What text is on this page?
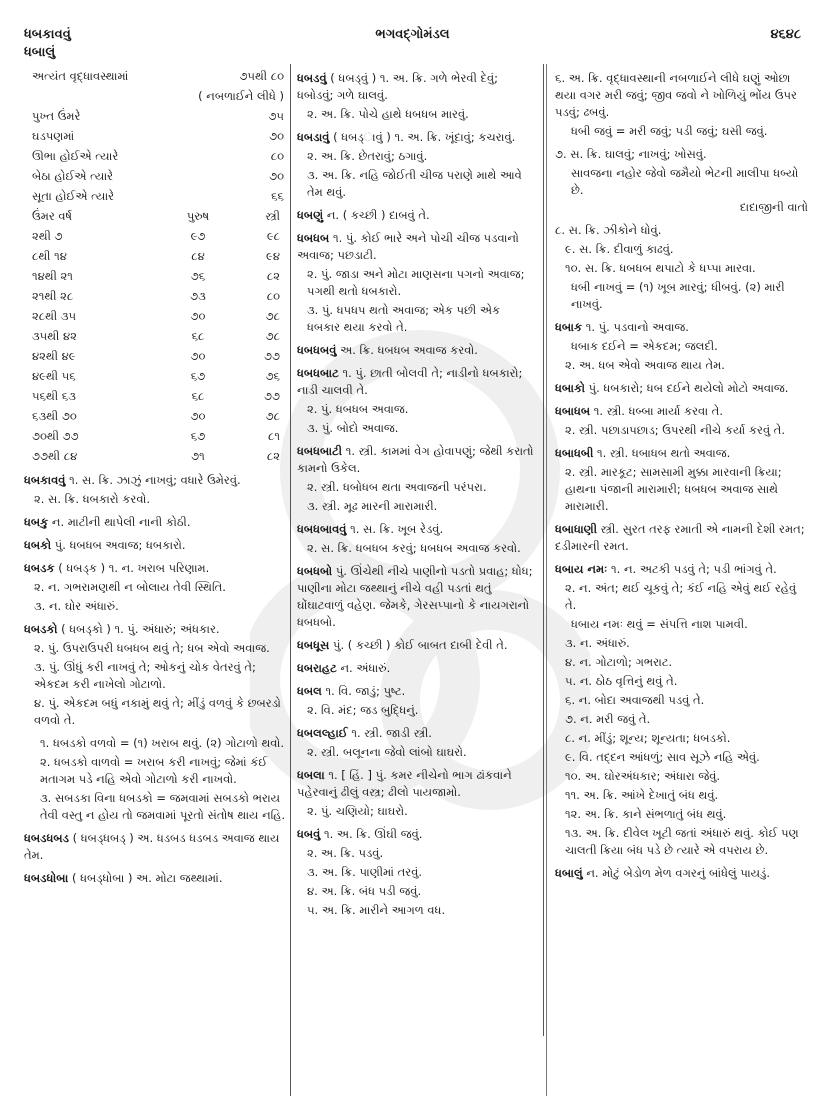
ધબકાવવું
ધબાલું
ભગવદ્ગોમંડલ	૪૬૪૮
અત્યંત વૃદ્ધાવસ્થામાં	૭૫થી ૮૦	
	( નબળાઈને લીધે )	
પુખ્ત ઉંમરે	૭૫	
ઘડપણમાં	૭૦	
ઊભા હોઈએ ત્યારે	૮૦	
બેઠા હોઈએ ત્યારે	૭૦	
સૂતા હોઈએ ત્યારે	૬૬	
ઉંમર વર્ષ	પુરુષ	સ્ત્રી
૨થી ૭	૯૭	૯૮
૮થી ૧૪	૮૪	૯૪
૧૪થી ૨૧	૭૬	૮૨
૨૧થી ૨૮	૭૩	૮૦
૨૮થી ૩૫	૭૦	૭૮
૩૫થી ૪૨	૬૮	૭૮
૪૨થી ૪૯	૭૦	૭૭
૪૯થી ૫૬	૬૭	૭૬
૫૬થી ૬૩	૬૮	૭૭
૬૩થી ૭૦	૭૦	૭૮
૭૦થી ૭૭	૬૭	૮૧
૭૭થી ૮૪	૭૧	૮૨
ધબકાવવું ૧. સ. ક્રિ. ઝાઝું નાખવું; વધારે ઉમેરવું.
૨. સ. ક્રિ. ધબકારો કરવો.
ધબકુ ન. માટીની થાપેલી નાની કોઠી.
ધબકો પું. ધબધબ અવાજ; ધબકારો.
ધબડક ( ધબડ્ક ) ૧. ન. ખરાબ પરિણામ.
૨. ન. ગભરામણથી ન બોલાય તેવી સ્થિતિ.
૩. ન. ઘોર અંધારું.
ધબડકો ( ધબડ્કો ) ૧. પું. અંધારું; અંધકાર.
૨. પું. ઉપરાઉપરી ધબધબ થવું તે; ધબ એવો અવાજ.
૩. પું. ઊંધું કરી નાખવું તે; ઓકનું ચોક વેતરવું તે; એકદમ કરી નાખેલો ગોટાળો.
૪. પું. એકદમ બધું નકામું થવું તે; મીંડું વળવું કે છબરડો વળવો તે.
૧. ધબડકો વળવો = (૧) ખરાબ થવું. (૨) ગોટાળો થવો.
૨. ધબડકો વાળવો = ખરાબ કરી નાખવું; જેમાં કંઈ મતાગમ પડે નહિ એવો ગોટાળો કરી નાખવો.
૩. સબડકા વિના ધબડકો = જમવામાં સબડકો ભરાય તેવી વસ્તુ ન હોય તો જમવામાં પૂરતો સંતોષ થાય નહિ.
ધબડધબડ ( ધબડ્ધબડ્ ) અ. ધડબડ ધડબડ અવાજ થાય તેમ.
ધબડધોબા ( ધબડ્ધોબા ) અ. મોટા જથ્થામાં.
ધબડવું ( ધબડ્વું ) ૧. અ. ક્રિ. ગળે ભેરવી દેવું; ધબોડવું; ગળે ઘાલવું.
૨. અ. ક્રિ. પોચે હાથે ધબધબ મારવું.
ધબડાવું ( ધબડ્ાવું ) ૧. અ. ક્રિ. ખૂંદાવું; કચરાવું.
૨. અ. ક્રિ. છેતરાવું; ઠગાવું.
૩. અ. ક્રિ. નહિ જોઈતી ચીજ પરાણે માથે આવે તેમ થવું.
ધબણું ન. ( કચ્છી ) દાબવું તે.
ધબધબ ૧. પું. કોઈ ભારે અને પોચી ચીજ પડવાનો અવાજ; પછડાટી.
૨. પું. જાડા અને મોટા માણસના પગનો અવાજ; પગથી થતો ધબકારો.
૩. પું. ધપધપ થતો અવાજ; એક પછી એક ધબકાર થયા કરવો તે.
ધબધબવું અ. ક્રિ. ધબધબ અવાજ કરવો.
ધબધબાટ ૧. પું. છાતી બોલવી તે; નાડીનો ધબકારો; નાડી ચાલવી તે.
૨. પું. ધબધબ અવાજ.
૩. પું. બોદો અવાજ.
ધબધબાટી ૧. સ્ત્રી. કામમાં વેગ હોવાપણું; જેથી કરાતો કામનો ઉકેલ.
૨. સ્ત્રી. ધબોધબ થતા અવાજની પરંપરા.
૩. સ્ત્રી. મૂઢ મારની મારામારી.
ધબધબાવવું ૧. સ. ક્રિ. ખૂબ રેડવું.
૨. સ. ક્રિ. ધબધબ કરવું; ધબધબ અવાજ કરવો.
ધબધબો પું. ઊંચેથી નીચે પાણીનો પડતો પ્રવાહ; ધોધ; પાણીના મોટા જથ્થાનું નીચે વહી પડતાં થતું ઘોંઘાટવાળું વહેણ. જેમકે, ગેરસપ્પાનો કે નાયગરાનો ધબધબો.
ધબધૂસ પું. ( કચ્છી ) કોઈ બાબત દાબી દેવી તે.
ધબરાહટ ન. અંધારું.
ધબલ ૧. વિ. જાડું; પુષ્ટ.
૨. વિ. મંદ; જડ બુદ્ધિનું.
ધબલલ્હાઈ ૧. સ્ત્રી. જાડી સ્ત્રી.
૨. સ્ત્રી. બલૂનના જેવો લાંબો ઘાઘરો.
ધબલા ૧. [ હિં. ] પું. કમર નીચેનો ભાગ ઢાંકવાને પહેરવાનું ઢીલું વસ્ત્ર; ઢીલો પાયજામો.
૨. પું. ચણિયો; ઘાઘરો.
ધબવું ૧. અ. ક્રિ. ઊંઘી જવું.
૨. અ. ક્રિ. પડવું.
૩. અ. ક્રિ. પાણીમાં તરવું.
૪. અ. ક્રિ. બંધ પડી જવું.
૫. અ. ક્રિ. મારીને આગળ વધ.
૬. અ. ક્રિ. વૃદ્ધાવસ્થાની નબળાઈને લીધે ઘણું ઓછા થયા વગર મરી જવું; જીવ જવો ને ખોળિયું ભોંય ઉપર પડવું; ઢબવું.
ધબી જવું = મરી જવું; પડી જવું; ઘસી જવું.
૭. સ. ક્રિ. ઘાલવું; નાખવું; ખોસવું.
સાવજના નહોર જેવો જમૈયો ભેટની માલીપા ધબ્યો છે.
દાદાજીની વાતો
૮. સ. ક્રિ. ઝીકોને ધોવું.
૯. સ. ક્રિ. દીવાળું કાઢવું.
૧૦. સ. ક્રિ. ધબધબ થપાટો કે ધપ્પા મારવા.
ધબી નાખવું = (૧) ખૂબ મારવું; ધીબવું. (૨) મારી નાખવું.
ધબાક ૧. પું. પડવાનો અવાજ.
ધબાક દઈને = એકદમ; જલદી.
૨. અ. ધબ એવો અવાજ થાય તેમ.
ધબાકો પું. ધબકારો; ધબ દઈને થયેલો મોટો અવાજ.
ધબાધબ ૧. સ્ત્રી. ધબ્બા માર્યા કરવા તે.
૨. સ્ત્રી. પછાડાપછાડ; ઉપરથી નીચે કર્યા કરવું તે.
ધબાધબી ૧. સ્ત્રી. ધબાધબ થતો અવાજ.
૨. સ્ત્રી. મારકૂટ; સામસામી મુક્કા મારવાની ક્રિયા; હાથના પંજાની મારામારી; ધબધબ અવાજ સાથે મારામારી.
ધબાધાણી સ્ત્રી. સુરત તરફ રમાતી એ નામની દેશી રમત; દડીમારની રમત.
ધબાય નમઃ ૧. ન. અટકી પડવું તે; પડી ભાંગવું તે.
૨. ન. અંત; થઈ ચૂકવું તે; કંઈ નહિ એવું થઈ રહેવું તે.
ધબાય નમઃ થવું = સંપત્તિ નાશ પામવી.
૩. ન. અંધારું.
૪. ન. ગોટાળો; ગભરાટ.
૫. ન. ઠોઠ વૃત્તિનું થવું તે.
૬. ન. બોદા અવાજથી પડવું તે.
૭. ન. મરી જવું તે.
૮. ન. મીંડું; શૂન્ય; શૂન્યતા; ધબડકો.
૯. વિ. તદ્દન આંધળું; સાવ સૂઝે નહિ એવું.
૧૦. અ. ઘોરઅંધકાર; અંધારા જેવું.
૧૧. અ. ક્રિ. આંખે દેખાતું બંધ થવું.
૧૨. અ. ક્રિ. કાને સંભળાતું બંધ થવું.
૧૩. અ. ક્રિ. દીવેલ ખૂટી જતાં અંધારું થવું. કોઈ પણ ચાલતી ક્રિયા બંધ પડે છે ત્યારે એ વપરાય છે.
ધબાલું ન. મોટું બેડોળ મેળ વગરનું બાંધેલું પાયડું.
